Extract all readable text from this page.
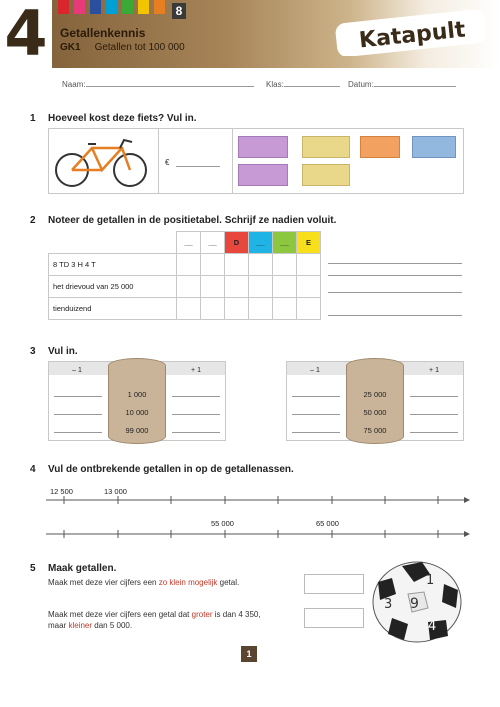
4	8
Getallenkennis
GK1 Getallen tot 100 000	Katapult
Naam:	Klas:	Datum:
1 Hoeveel kost deze fiets? Vul in.
€
2 Noteer de getallen in de positietabel. Schrijf ze nadien voluit.
	__	__	D	__	__	E
8 TD 3 H 4 T						
het drievoud van 25 000						
tienduizend						
3 Vul in.
– 1	+ 1
1 000
10 000
99 000
– 1	+ 1
25 000
50 000
75 000
4 Vul de ontbrekende getallen in op de getallenassen.
12 500	13 000
55 000	65 000
5 Maak getallen.
Maak met deze vier cijfers een zo klein mogelijk getal.
Maak met deze vier cijfers een getal dat groter is dan 4 350,
maar kleiner dan 5 000.
1
3 9
4
1
